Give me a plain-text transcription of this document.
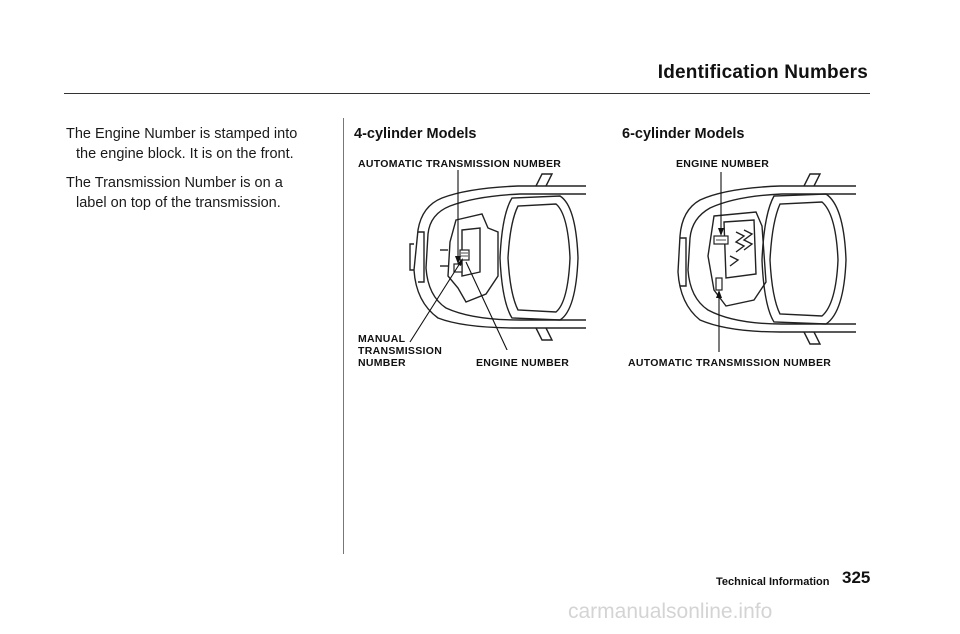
Identification Numbers
The Engine Number is stamped into
the engine block. It is on the front.
The Transmission Number is on a
label on top of the transmission.
4-cylinder Models
AUTOMATIC TRANSMISSION NUMBER
MANUAL
TRANSMISSION
NUMBER	ENGINE NUMBER
6-cylinder Models
ENGINE NUMBER
AUTOMATIC TRANSMISSION NUMBER
Technical Information 325
carmanualsonline.info
